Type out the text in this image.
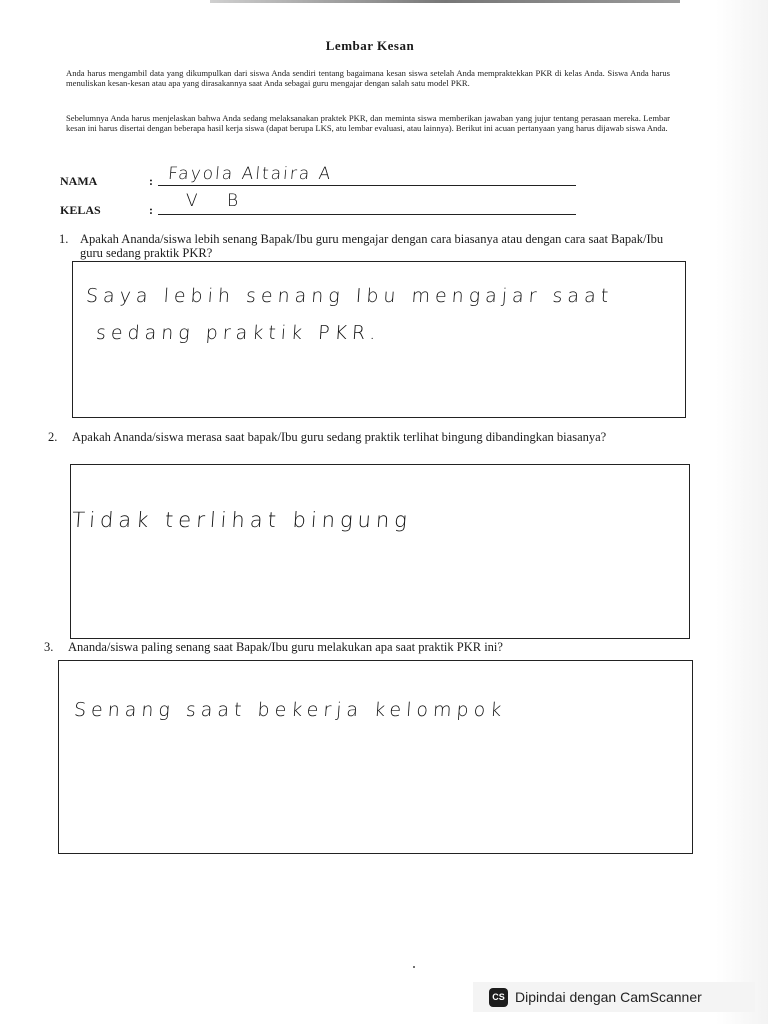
Lembar Kesan
Anda harus mengambil data yang dikumpulkan dari siswa Anda sendiri tentang bagaimana kesan siswa setelah Anda mempraktekkan PKR di kelas Anda. Siswa Anda harus menuliskan kesan-kesan atau apa yang dirasakannya saat Anda sebagai guru mengajar dengan salah satu model PKR.
Sebelumnya Anda harus menjelaskan bahwa Anda sedang melaksanakan praktek PKR, dan meminta siswa memberikan jawaban yang jujur tentang perasaan mereka. Lembar kesan ini harus disertai dengan beberapa hasil kerja siswa (dapat berupa LKS, atu lembar evaluasi, atau lainnya). Berikut ini acuan pertanyaan yang harus dijawab siswa Anda.
NAMA	: Fayola Altaira A
KELAS	: V B
1. Apakah Ananda/siswa lebih senang Bapak/Ibu guru mengajar dengan cara biasanya atau dengan cara saat Bapak/Ibu guru sedang praktik PKR?
Saya lebih senang Ibu mengajar saat
sedang praktik PKR.
2. Apakah Ananda/siswa merasa saat bapak/Ibu guru sedang praktik terlihat bingung dibandingkan biasanya?
Tidak terlihat bingung
3. Ananda/siswa paling senang saat Bapak/Ibu guru melakukan apa saat praktik PKR ini?
Senang saat bekerja kelompok
CS Dipindai dengan CamScanner
